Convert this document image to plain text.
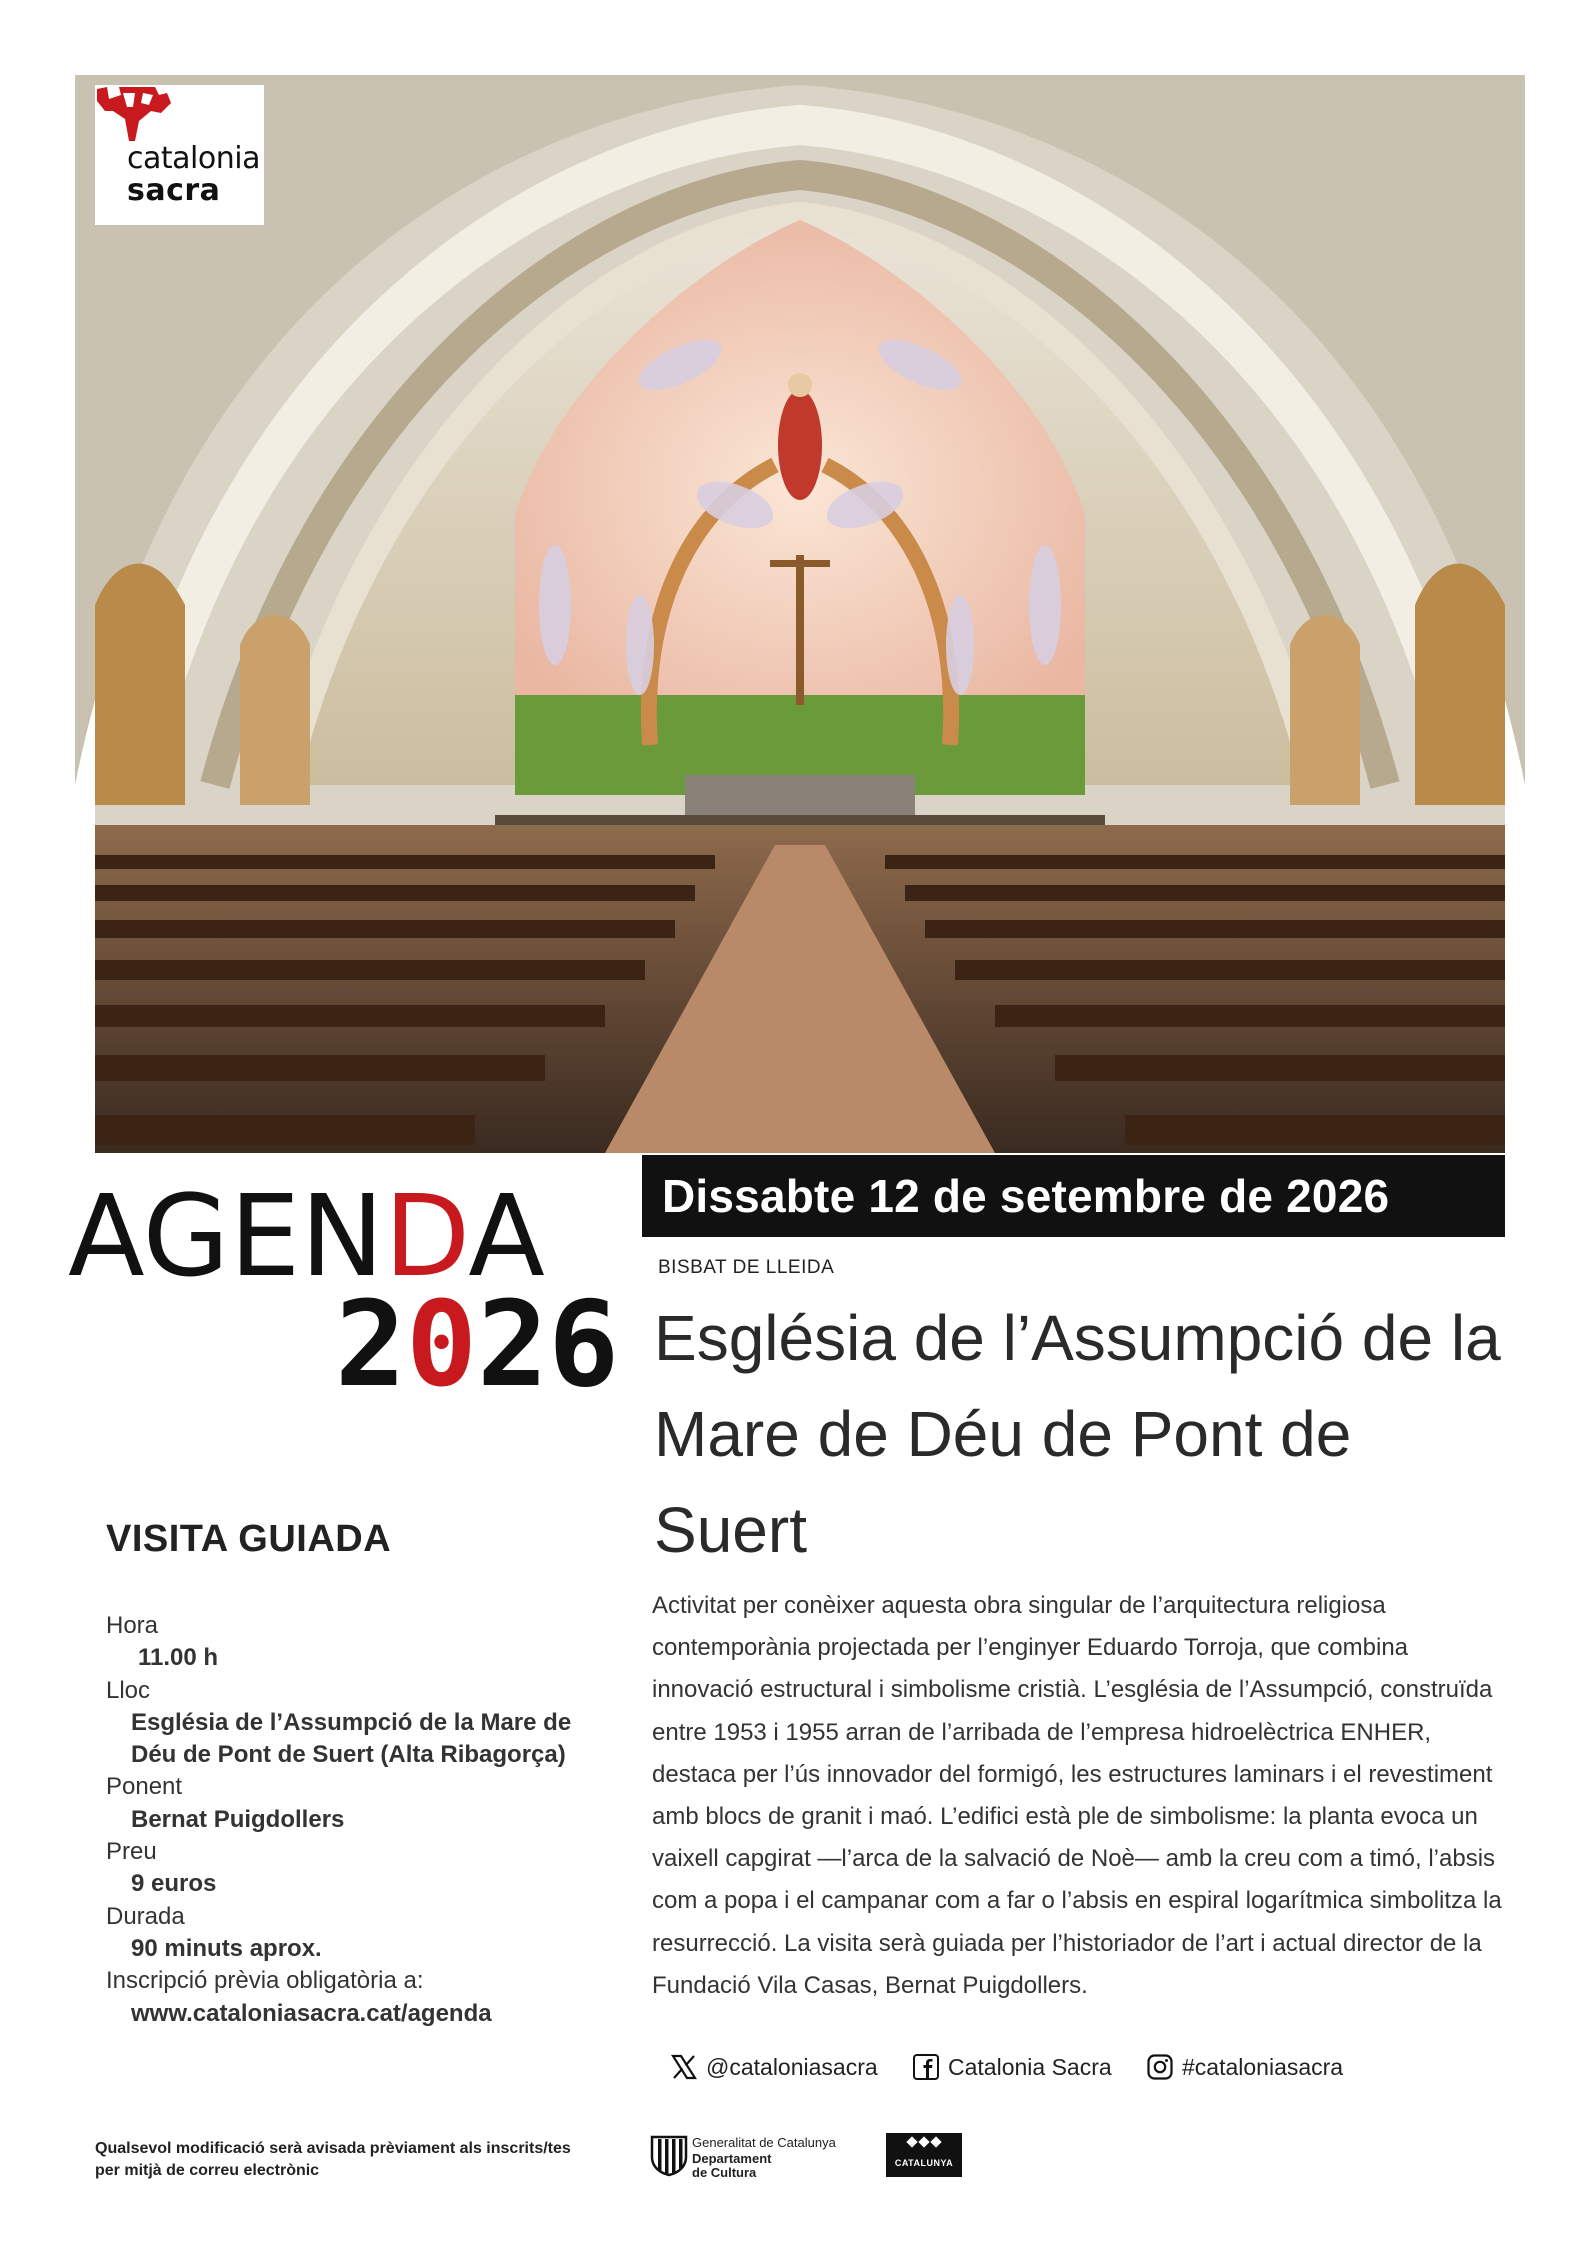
catalonia
sacra
Dissabte 12 de setembre de 2026
AGENDA
2026
BISBAT DE LLEIDA
Església de l’Assumpció de la Mare de Déu de Pont de Suert
Activitat per conèixer aquesta obra singular de l’arquitectura religiosa contemporània projectada per l’enginyer Eduardo Torroja, que combina innovació estructural i simbolisme cristià. L’església de l’Assumpció, construïda entre 1953 i 1955 arran de l’arribada de l’empresa hidroelèctrica ENHER, destaca per l’ús innovador del formigó, les estructures laminars i el revestiment amb blocs de granit i maó. L’edifici està ple de simbolisme: la planta evoca un vaixell capgirat —l’arca de la salvació de Noè— amb la creu com a timó, l’absis com a popa i el campanar com a far o l’absis en espiral logarítmica simbolitza la resurrecció. La visita serà guiada per l’historiador de l’art i actual director de la Fundació Vila Casas, Bernat Puigdollers.
VISITA GUIADA
Hora
11.00 h
Lloc
Església de l’Assumpció de la Mare de Déu de Pont de Suert (Alta Ribagorça)
Ponent
Bernat Puigdollers
Preu
9 euros
Durada
90 minuts aprox.
Inscripció prèvia obligatòria a:
www.cataloniasacra.cat/agenda
@cataloniasacra	Catalonia Sacra	#cataloniasacra
Qualsevol modificació serà avisada prèviament als inscrits/tes per mitjà de correu electrònic
Generalitat de Catalunya
Departament
de Cultura
CATALUNYA
